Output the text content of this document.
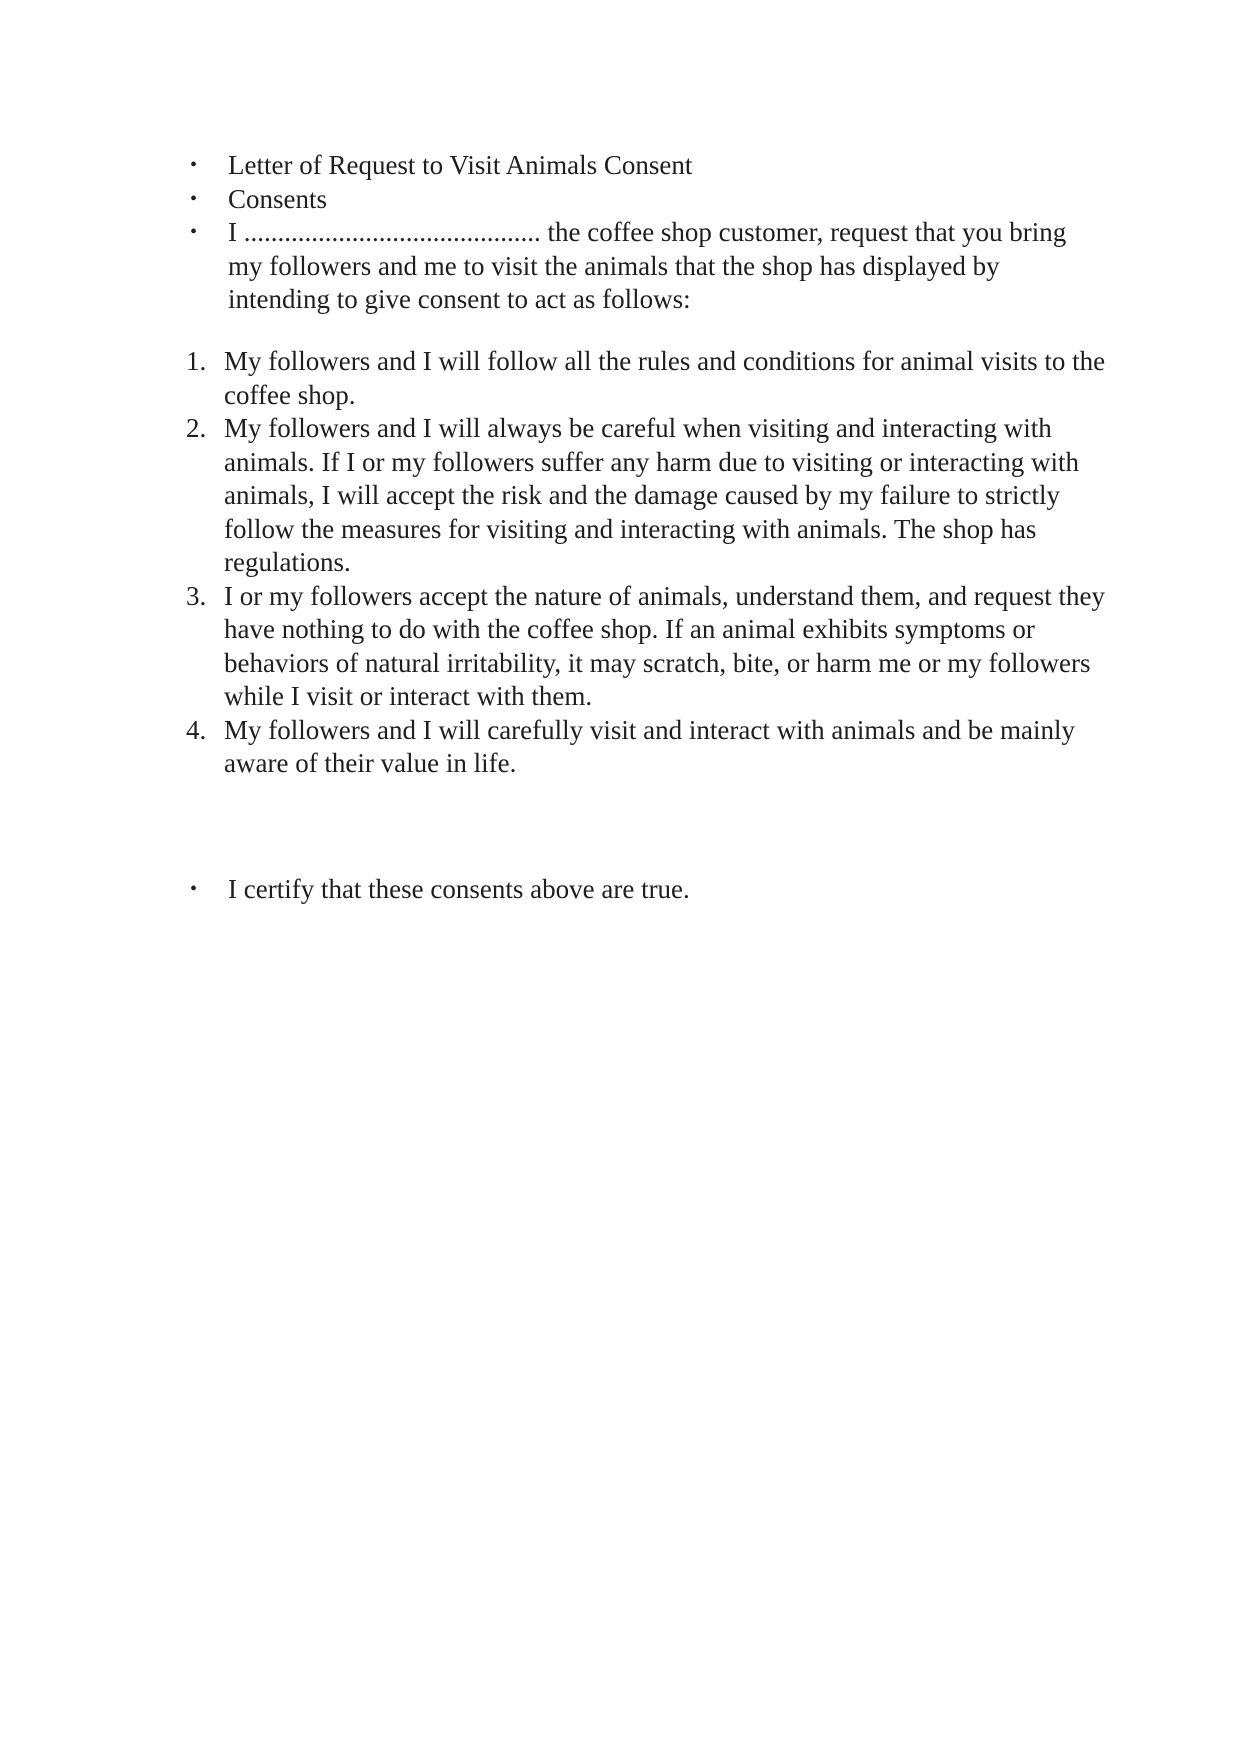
•	Letter of Request to Visit Animals Consent
•	Consents
•	I ............................................ the coffee shop customer, request that you bring my followers and me to visit the animals that the shop has displayed by intending to give consent to act as follows:
1. My followers and I will follow all the rules and conditions for animal visits to the coffee shop.
2. My followers and I will always be careful when visiting and interacting with animals. If I or my followers suffer any harm due to visiting or interacting with animals, I will accept the risk and the damage caused by my failure to strictly follow the measures for visiting and interacting with animals. The shop has regulations.
3. I or my followers accept the nature of animals, understand them, and request they have nothing to do with the coffee shop. If an animal exhibits symptoms or behaviors of natural irritability, it may scratch, bite, or harm me or my followers while I visit or interact with them.
4. My followers and I will carefully visit and interact with animals and be mainly aware of their value in life.
•	I certify that these consents above are true.
